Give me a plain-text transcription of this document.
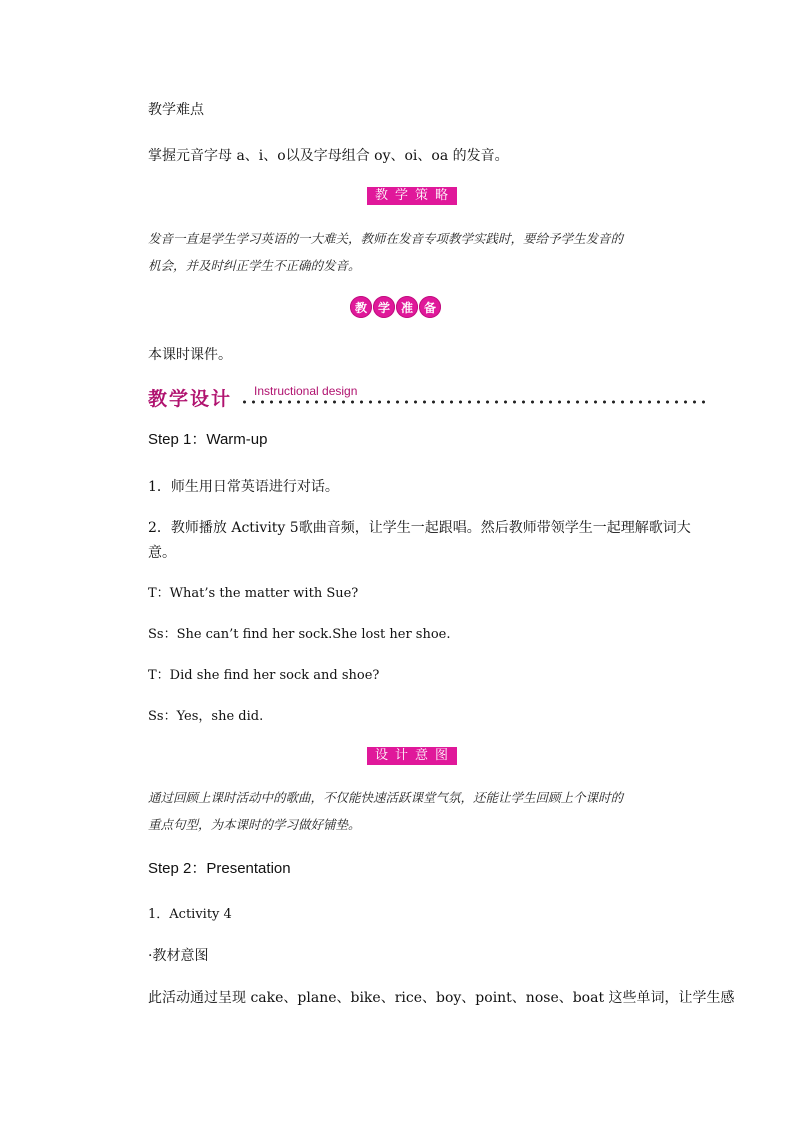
教学难点
掌握元音字母 a、i、o以及字母组合 oy、oi、oa 的发音。
教学策略
发音一直是学生学习英语的一大难关，教师在发音专项教学实践时，要给予学生发音的
机会，并及时纠正学生不正确的发音。
教 学 准 备
本课时课件。
教学设计 Instructional design
Step 1：Warm-up
1．师生用日常英语进行对话。
2．教师播放 Activity 5歌曲音频，让学生一起跟唱。然后教师带领学生一起理解歌词大
意。
T：What’s the matter with Sue?
Ss：She can’t find her sock.She lost her shoe.
T：Did she find her sock and shoe?
Ss：Yes，she did.
设计意图
通过回顾上课时活动中的歌曲，不仅能快速活跃课堂气氛，还能让学生回顾上个课时的
重点句型，为本课时的学习做好铺垫。
Step 2：Presentation
1．Activity 4
·教材意图
此活动通过呈现 cake、plane、bike、rice、boy、point、nose、boat 这些单词，让学生感
